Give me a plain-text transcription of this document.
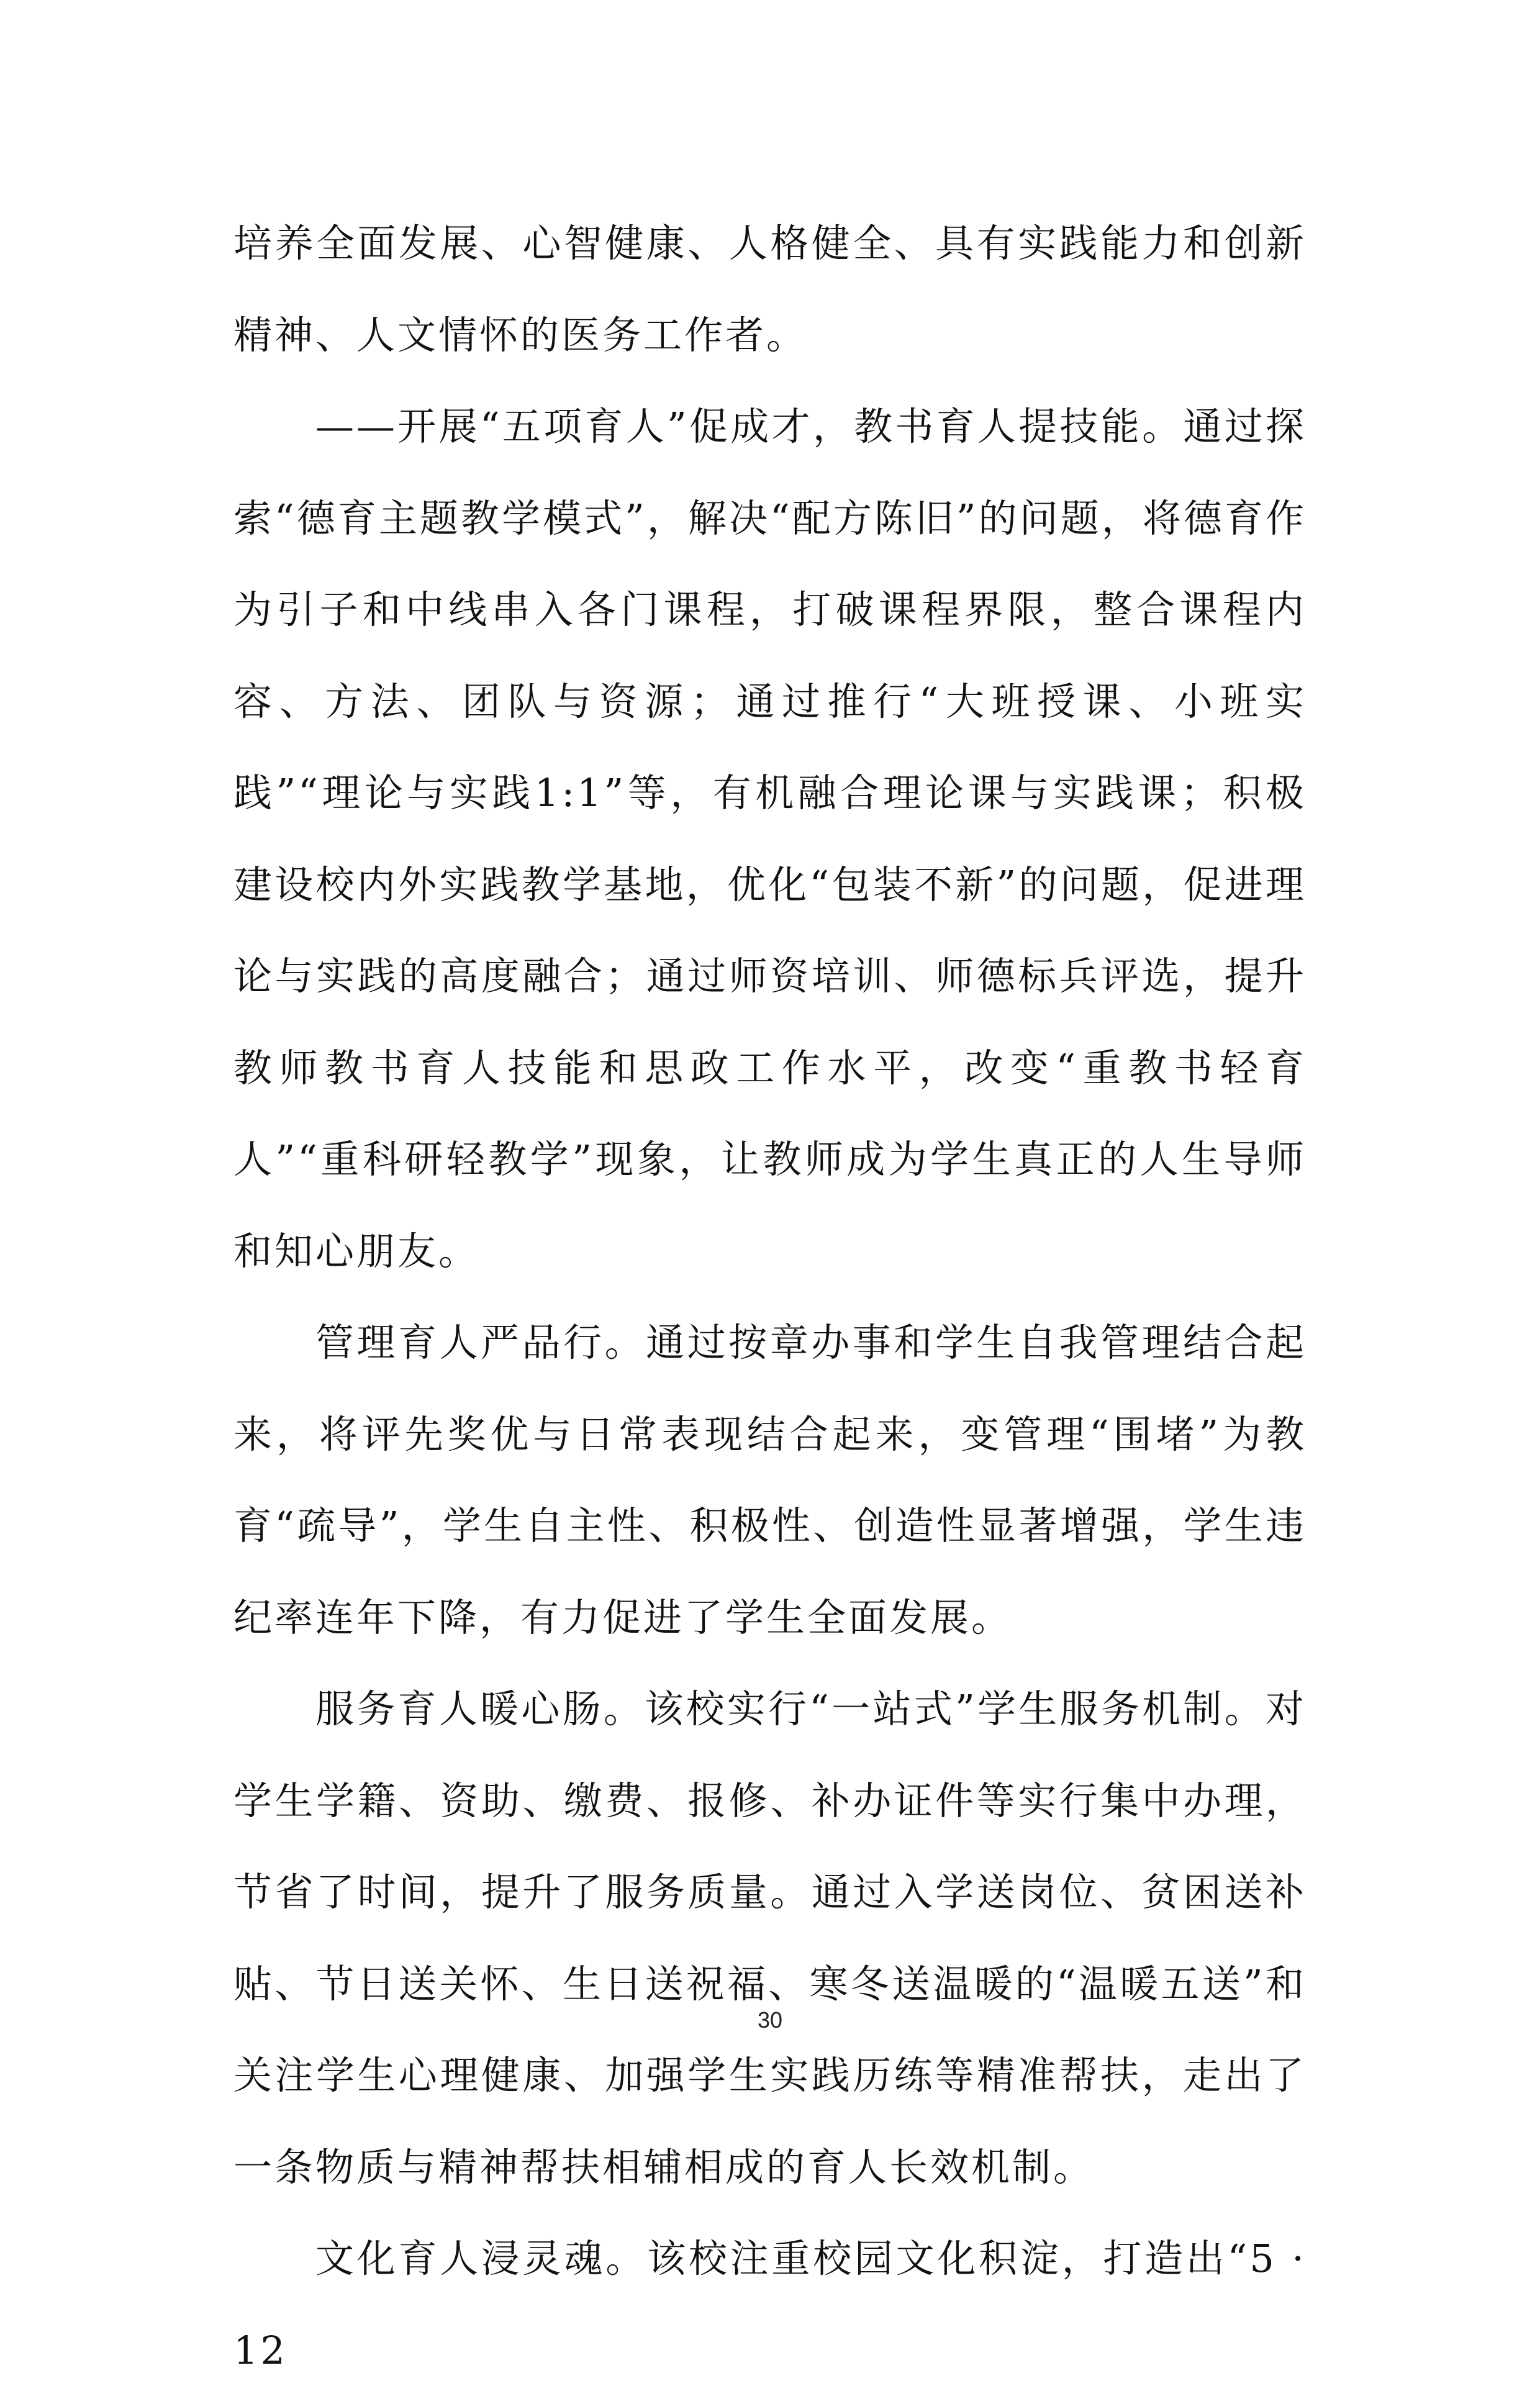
培养全面发展、心智健康、人格健全、具有实践能力和创新精神、人文情怀的医务工作者。

——开展“五项育人”促成才，教书育人提技能。通过探索“德育主题教学模式”，解决“配方陈旧”的问题，将德育作为引子和中线串入各门课程，打破课程界限，整合课程内容、方法、团队与资源；通过推行“大班授课、小班实践”“理论与实践1:1”等，有机融合理论课与实践课；积极建设校内外实践教学基地，优化“包装不新”的问题，促进理论与实践的高度融合；通过师资培训、师德标兵评选，提升教师教书育人技能和思政工作水平，改变“重教书轻育人”“重科研轻教学”现象，让教师成为学生真正的人生导师和知心朋友。

管理育人严品行。通过按章办事和学生自我管理结合起来，将评先奖优与日常表现结合起来，变管理“围堵”为教育“疏导”，学生自主性、积极性、创造性显著增强，学生违纪率连年下降，有力促进了学生全面发展。

服务育人暖心肠。该校实行“一站式”学生服务机制。对学生学籍、资助、缴费、报修、补办证件等实行集中办理，节省了时间，提升了服务质量。通过入学送岗位、贫困送补贴、节日送关怀、生日送祝福、寒冬送温暖的“温暖五送”和关注学生心理健康、加强学生实践历练等精准帮扶，走出了一条物质与精神帮扶相辅相成的育人长效机制。

文化育人浸灵魂。该校注重校园文化积淀，打造出“5 ·12

30
